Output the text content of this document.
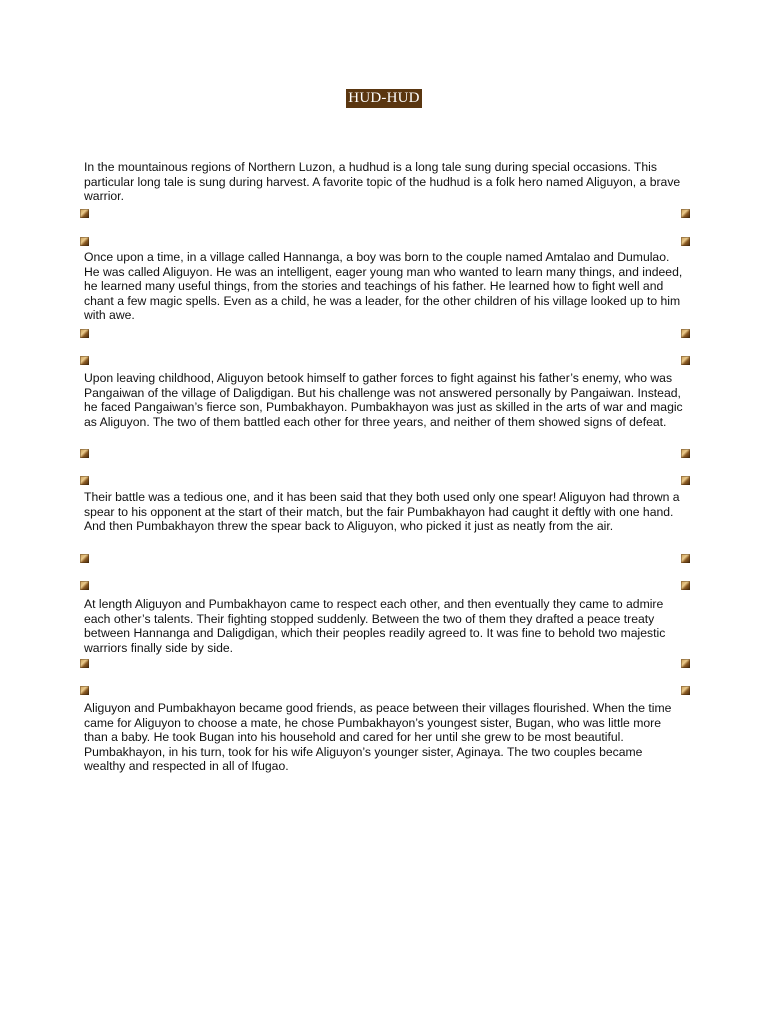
HUD-HUD

In the mountainous regions of Northern Luzon, a hudhud is a long tale sung during special occasions. This particular long tale is sung during harvest. A favorite topic of the hudhud is a folk hero named Aliguyon, a brave warrior.

Once upon a time, in a village called Hannanga, a boy was born to the couple named Amtalao and Dumulao. He was called Aliguyon. He was an intelligent, eager young man who wanted to learn many things, and indeed, he learned many useful things, from the stories and teachings of his father. He learned how to fight well and chant a few magic spells. Even as a child, he was a leader, for the other children of his village looked up to him with awe.

Upon leaving childhood, Aliguyon betook himself to gather forces to fight against his father’s enemy, who was Pangaiwan of the village of Daligdigan. But his challenge was not answered personally by Pangaiwan. Instead, he faced Pangaiwan’s fierce son, Pumbakhayon. Pumbakhayon was just as skilled in the arts of war and magic as Aliguyon. The two of them battled each other for three years, and neither of them showed signs of defeat.

Their battle was a tedious one, and it has been said that they both used only one spear! Aliguyon had thrown a spear to his opponent at the start of their match, but the fair Pumbakhayon had caught it deftly with one hand. And then Pumbakhayon threw the spear back to Aliguyon, who picked it just as neatly from the air.

At length Aliguyon and Pumbakhayon came to respect each other, and then eventually they came to admire each other’s talents. Their fighting stopped suddenly. Between the two of them they drafted a peace treaty between Hannanga and Daligdigan, which their peoples readily agreed to. It was fine to behold two majestic warriors finally side by side.

Aliguyon and Pumbakhayon became good friends, as peace between their villages flourished. When the time came for Aliguyon to choose a mate, he chose Pumbakhayon’s youngest sister, Bugan, who was little more than a baby. He took Bugan into his household and cared for her until she grew to be most beautiful. Pumbakhayon, in his turn, took for his wife Aliguyon’s younger sister, Aginaya. The two couples became wealthy and respected in all of Ifugao.
